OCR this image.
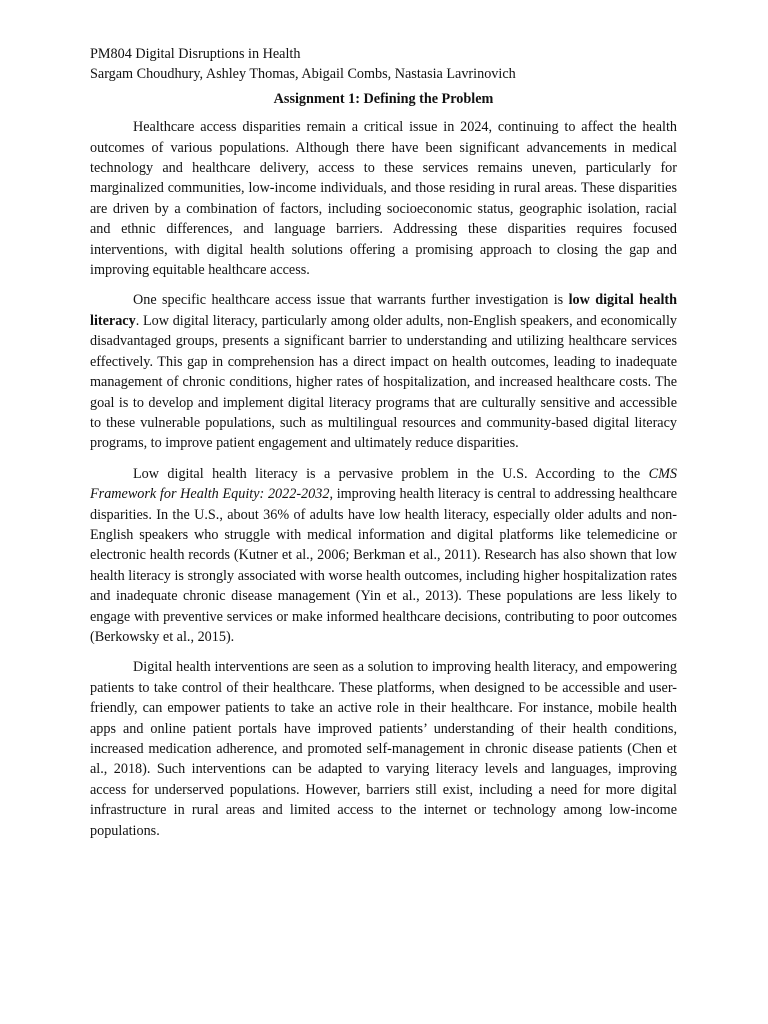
PM804 Digital Disruptions in Health

Sargam Choudhury, Ashley Thomas, Abigail Combs, Nastasia Lavrinovich

Assignment 1: Defining the Problem

Healthcare access disparities remain a critical issue in 2024, continuing to affect the health outcomes of various populations. Although there have been significant advancements in medical technology and healthcare delivery, access to these services remains uneven, particularly for marginalized communities, low-income individuals, and those residing in rural areas. These disparities are driven by a combination of factors, including socioeconomic status, geographic isolation, racial and ethnic differences, and language barriers. Addressing these disparities requires focused interventions, with digital health solutions offering a promising approach to closing the gap and improving equitable healthcare access.

One specific healthcare access issue that warrants further investigation is low digital health literacy. Low digital literacy, particularly among older adults, non-English speakers, and economically disadvantaged groups, presents a significant barrier to understanding and utilizing healthcare services effectively. This gap in comprehension has a direct impact on health outcomes, leading to inadequate management of chronic conditions, higher rates of hospitalization, and increased healthcare costs. The goal is to develop and implement digital literacy programs that are culturally sensitive and accessible to these vulnerable populations, such as multilingual resources and community-based digital literacy programs, to improve patient engagement and ultimately reduce disparities.

Low digital health literacy is a pervasive problem in the U.S. According to the CMS Framework for Health Equity: 2022-2032, improving health literacy is central to addressing healthcare disparities. In the U.S., about 36% of adults have low health literacy, especially older adults and non-English speakers who struggle with medical information and digital platforms like telemedicine or electronic health records (Kutner et al., 2006; Berkman et al., 2011). Research has also shown that low health literacy is strongly associated with worse health outcomes, including higher hospitalization rates and inadequate chronic disease management (Yin et al., 2013). These populations are less likely to engage with preventive services or make informed healthcare decisions, contributing to poor outcomes (Berkowsky et al., 2015).

Digital health interventions are seen as a solution to improving health literacy, and empowering patients to take control of their healthcare. These platforms, when designed to be accessible and user-friendly, can empower patients to take an active role in their healthcare. For instance, mobile health apps and online patient portals have improved patients’ understanding of their health conditions, increased medication adherence, and promoted self-management in chronic disease patients (Chen et al., 2018). Such interventions can be adapted to varying literacy levels and languages, improving access for underserved populations. However, barriers still exist, including a need for more digital infrastructure in rural areas and limited access to the internet or technology among low-income populations.
